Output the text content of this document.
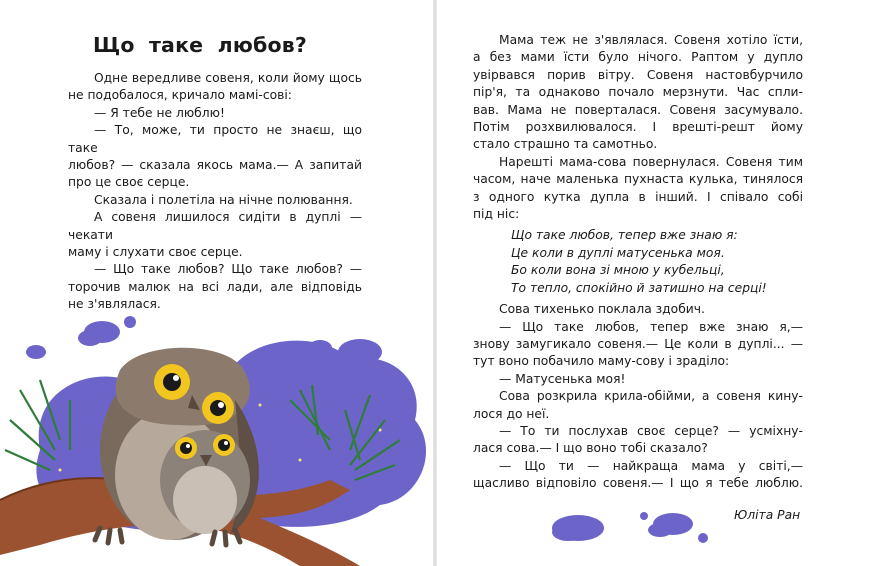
Що таке любов?
Одне вередливе совеня, коли йому щось
не подобалося, кричало мамі-сові:
— Я тебе не люблю!
— То, може, ти просто не знаєш, що таке
любов? — сказала якось мама.— А запитай
про це своє серце.
Сказала і полетіла на нічне полювання.
А совеня лишилося сидіти в дуплі — чекати
маму і слухати своє серце.
— Що таке любов? Що таке любов? —
торочив малюк на всі лади, але відповідь
не з'являлася.
Мама теж не з'являлася. Совеня хотіло їсти,
а без мами їсти було нічого. Раптом у дупло
увірвався порив вітру. Совеня настовбурчило
пір'я, та однаково почало мерзнути. Час спли-
вав. Мама не поверталася. Совеня засумувало.
Потім розхвилювалося. І врешті-решт йому
стало страшно та самотньо.
Нарешті мама-сова повернулася. Совеня тим
часом, наче маленька пухнаста кулька, тинялося
з одного кутка дупла в інший. І співало собі
під ніс:
Що таке любов, тепер вже знаю я:
Це коли в дуплі матусенька моя.
Бо коли вона зі мною у кубельці,
То тепло, спокійно й затишно на серці!
Сова тихенько поклала здобич.
— Що таке любов, тепер вже знаю я,—
знову замугикало совеня.— Це коли в дуплі... —
тут воно побачило маму-сову і зраділо:
— Матусенька моя!
Сова розкрила крила-обійми, а совеня кину-
лося до неї.
— То ти послухав своє серце? — усміхну-
лася сова.— І що воно тобі сказало?
— Що ти — найкраща мама у світі,—
щасливо відповіло совеня.— І що я тебе люблю.
Юліта Ран
